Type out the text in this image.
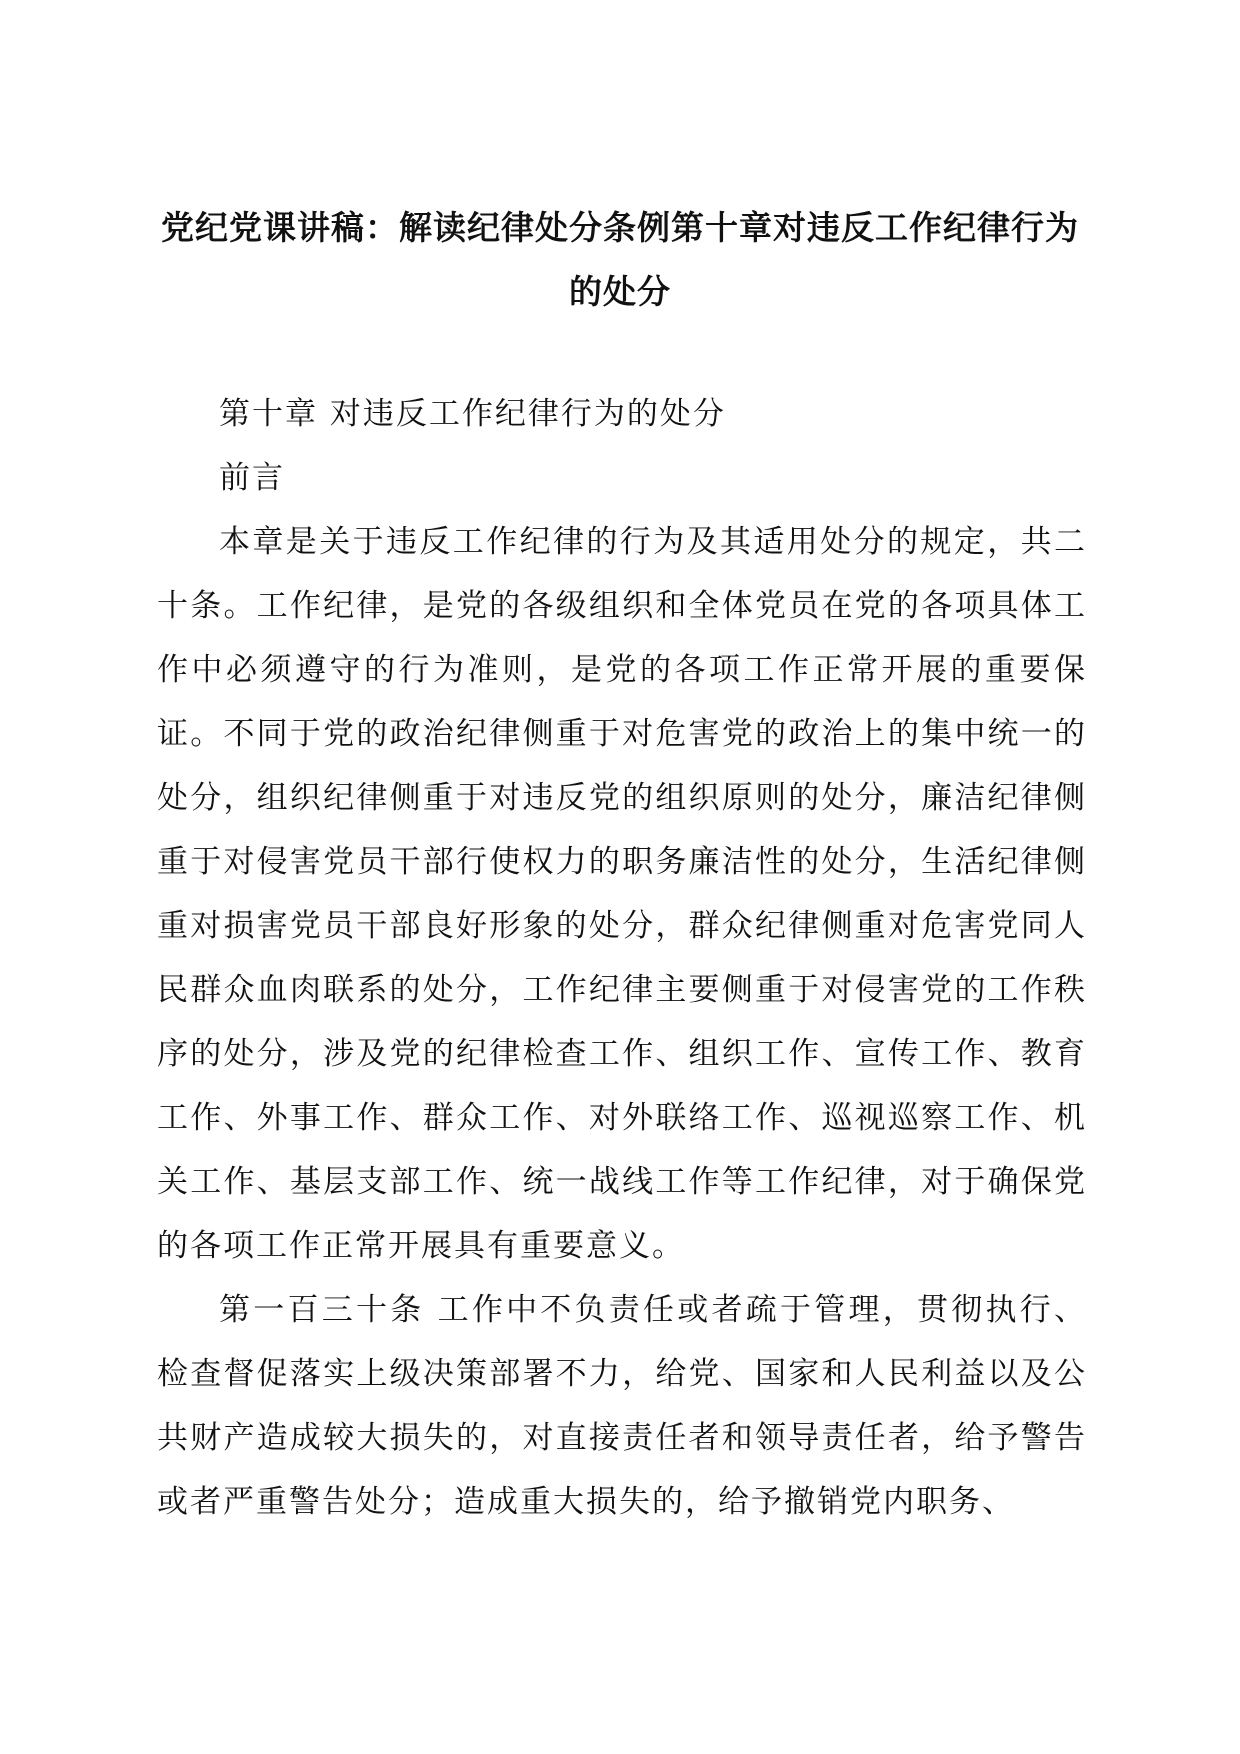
党纪党课讲稿：解读纪律处分条例第十章对违反工作纪律行为的处分

第十章 对违反工作纪律行为的处分

前言

本章是关于违反工作纪律的行为及其适用处分的规定，共二十条。工作纪律，是党的各级组织和全体党员在党的各项具体工作中必须遵守的行为准则，是党的各项工作正常开展的重要保证。不同于党的政治纪律侧重于对危害党的政治上的集中统一的处分，组织纪律侧重于对违反党的组织原则的处分，廉洁纪律侧重于对侵害党员干部行使权力的职务廉洁性的处分，生活纪律侧重对损害党员干部良好形象的处分，群众纪律侧重对危害党同人民群众血肉联系的处分，工作纪律主要侧重于对侵害党的工作秩序的处分，涉及党的纪律检查工作、组织工作、宣传工作、教育工作、外事工作、群众工作、对外联络工作、巡视巡察工作、机关工作、基层支部工作、统一战线工作等工作纪律，对于确保党的各项工作正常开展具有重要意义。

第一百三十条 工作中不负责任或者疏于管理，贯彻执行、检查督促落实上级决策部署不力，给党、国家和人民利益以及公共财产造成较大损失的，对直接责任者和领导责任者，给予警告或者严重警告处分；造成重大损失的，给予撤销党内职务、
